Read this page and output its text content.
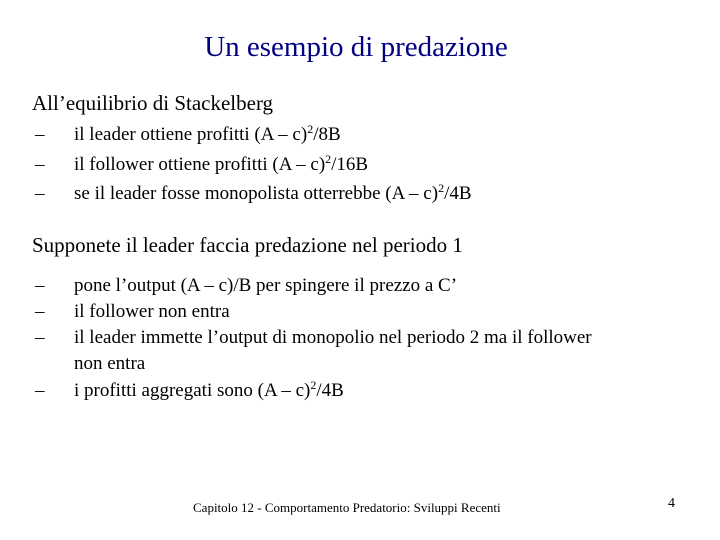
Un esempio di predazione
All’equilibrio di Stackelberg
– il leader ottiene profitti (A – c)$^2$/8B
– il follower ottiene profitti (A – c)$^2$/16B
– se il leader fosse monopolista otterrebbe (A – c)$^2$/4B
Supponete il leader faccia predazione nel periodo 1
– pone l’output (A – c)/B per spingere il prezzo a C’
– il follower non entra
– il leader immette l’output di monopolio nel periodo 2 ma il follower
non entra
– i profitti aggregati sono (A – c)$^2$/4B
Capitolo 12 - Comportamento Predatorio: Sviluppi Recenti	4
